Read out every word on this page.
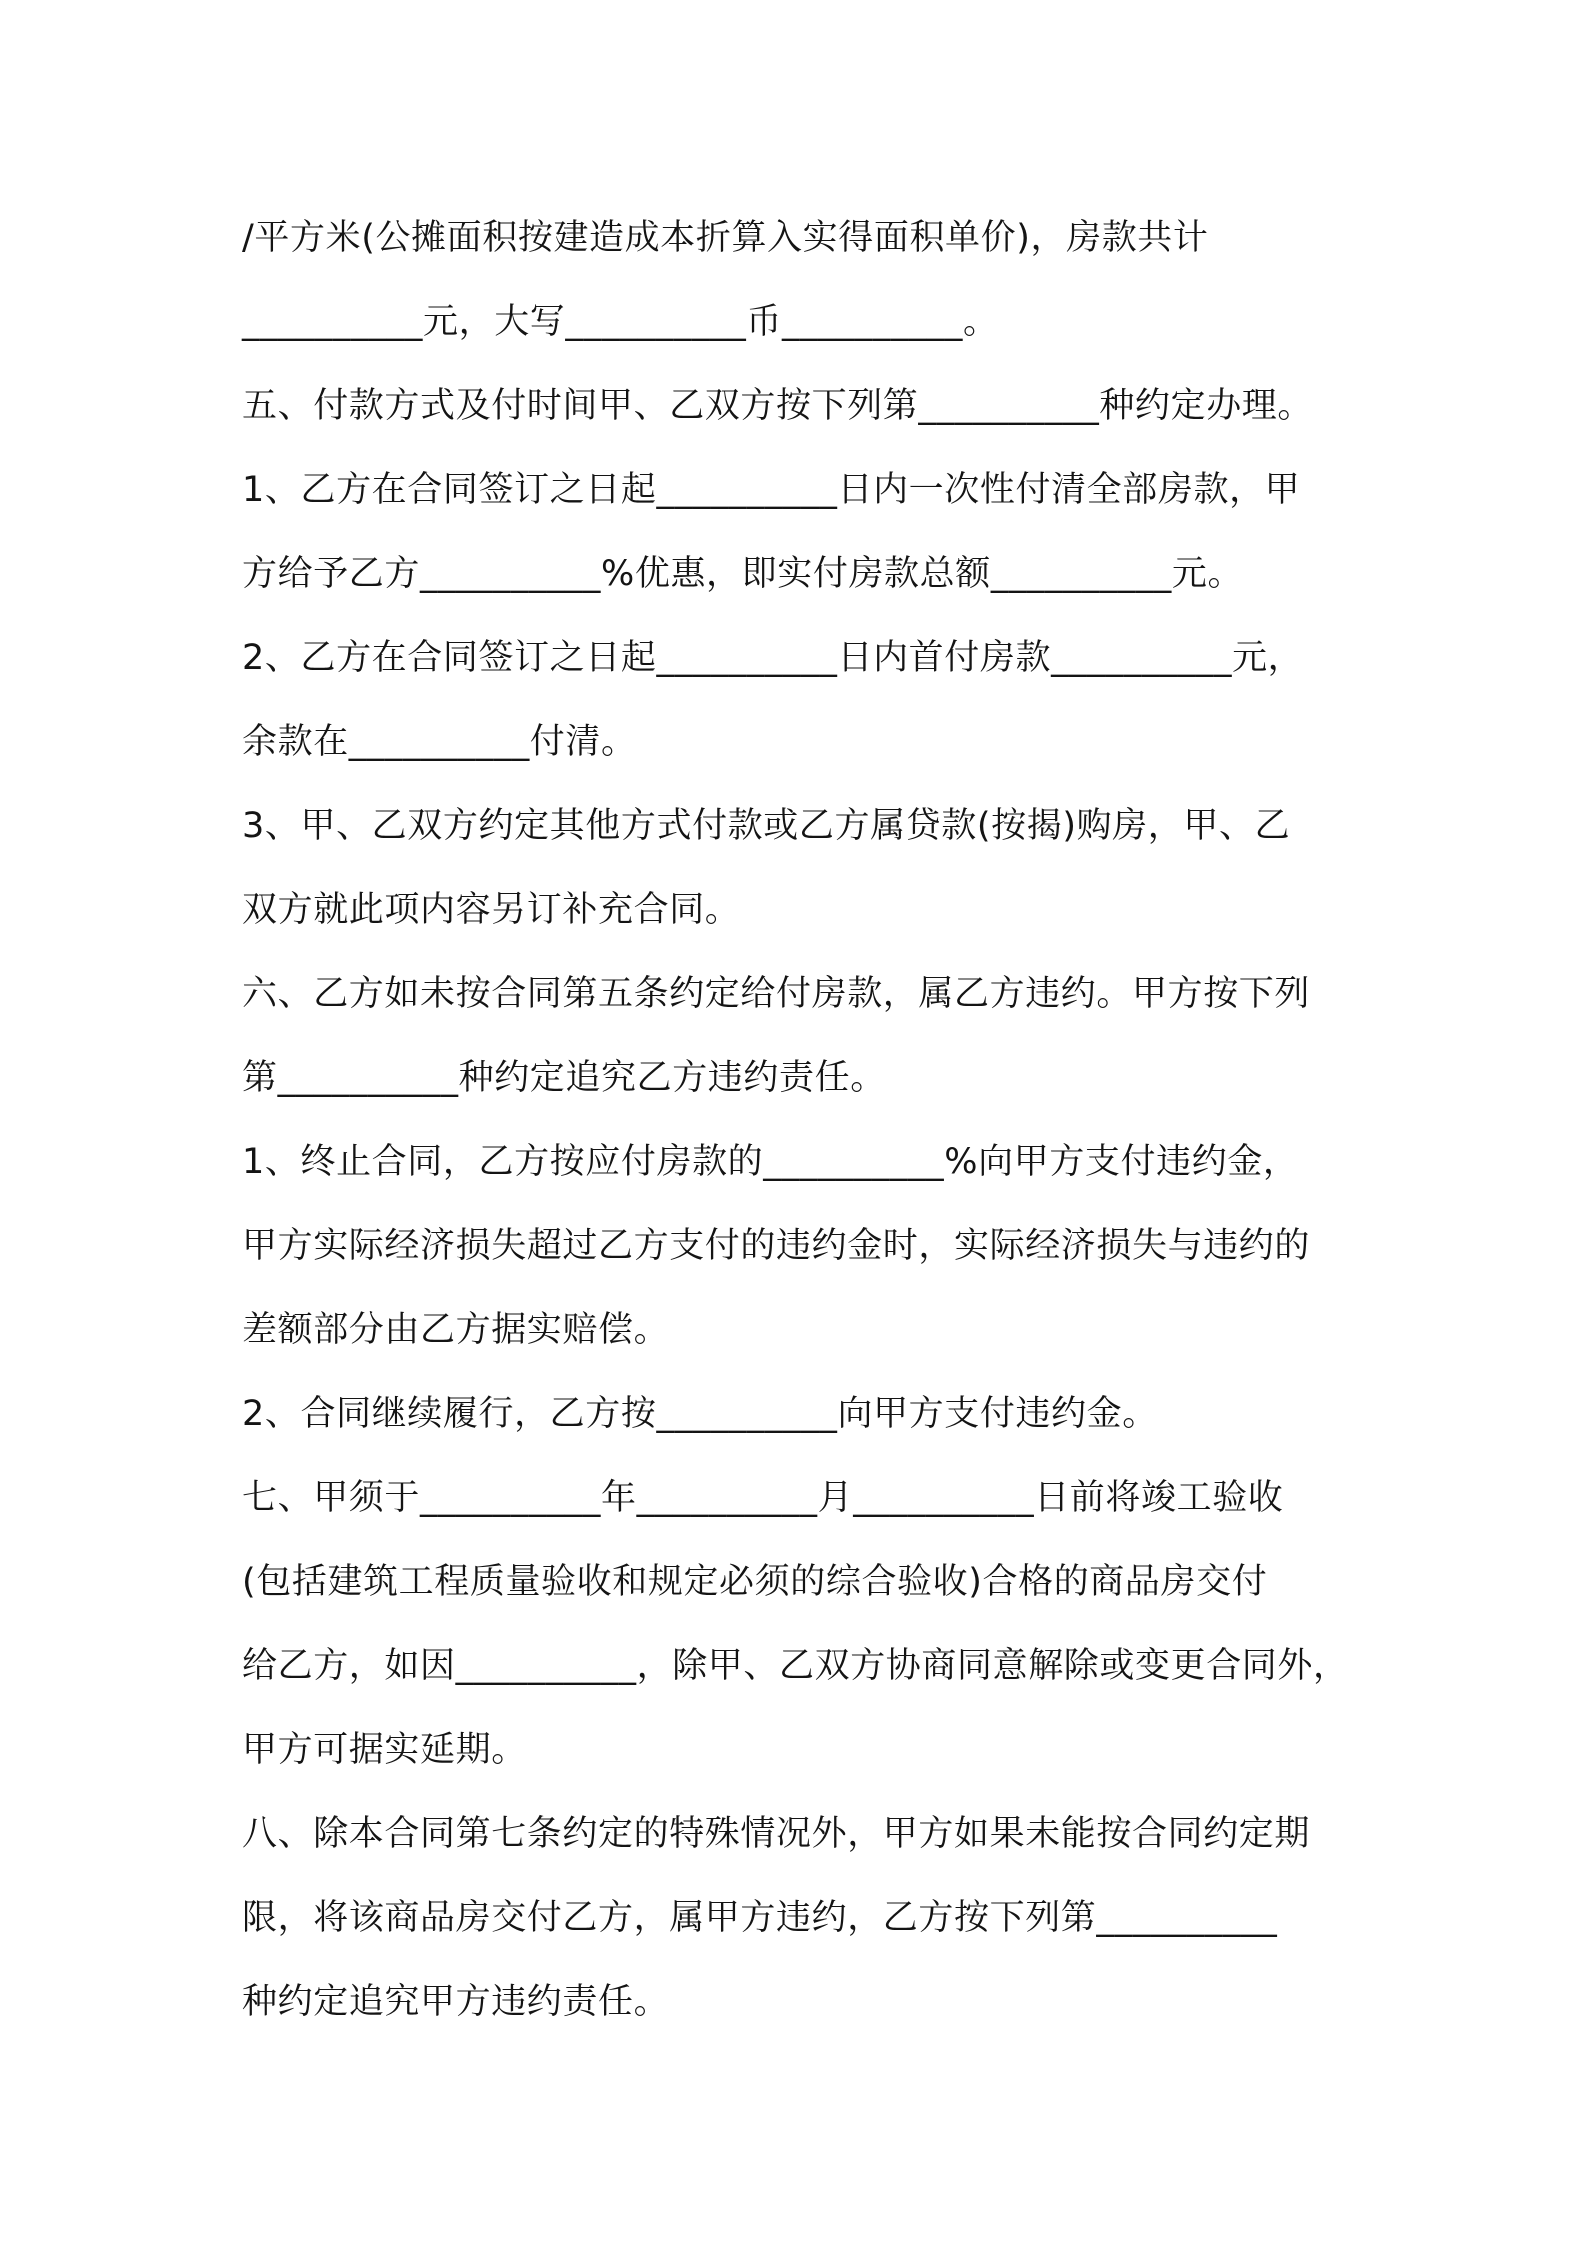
/平方米(公摊面积按建造成本折算入实得面积单价)，房款共计
__________元，大写__________币__________。
五、付款方式及付时间甲、乙双方按下列第__________种约定办理。
1、乙方在合同签订之日起__________日内一次性付清全部房款，甲
方给予乙方__________%优惠，即实付房款总额__________元。
2、乙方在合同签订之日起__________日内首付房款__________元，
余款在__________付清。
3、甲、乙双方约定其他方式付款或乙方属贷款(按揭)购房，甲、乙
双方就此项内容另订补充合同。
六、乙方如未按合同第五条约定给付房款，属乙方违约。甲方按下列
第__________种约定追究乙方违约责任。
1、终止合同，乙方按应付房款的__________%向甲方支付违约金，
甲方实际经济损失超过乙方支付的违约金时，实际经济损失与违约的
差额部分由乙方据实赔偿。
2、合同继续履行，乙方按__________向甲方支付违约金。
七、甲须于__________年__________月__________日前将竣工验收
(包括建筑工程质量验收和规定必须的综合验收)合格的商品房交付
给乙方，如因__________，除甲、乙双方协商同意解除或变更合同外，
甲方可据实延期。
八、除本合同第七条约定的特殊情况外，甲方如果未能按合同约定期
限，将该商品房交付乙方，属甲方违约，乙方按下列第__________
种约定追究甲方违约责任。
